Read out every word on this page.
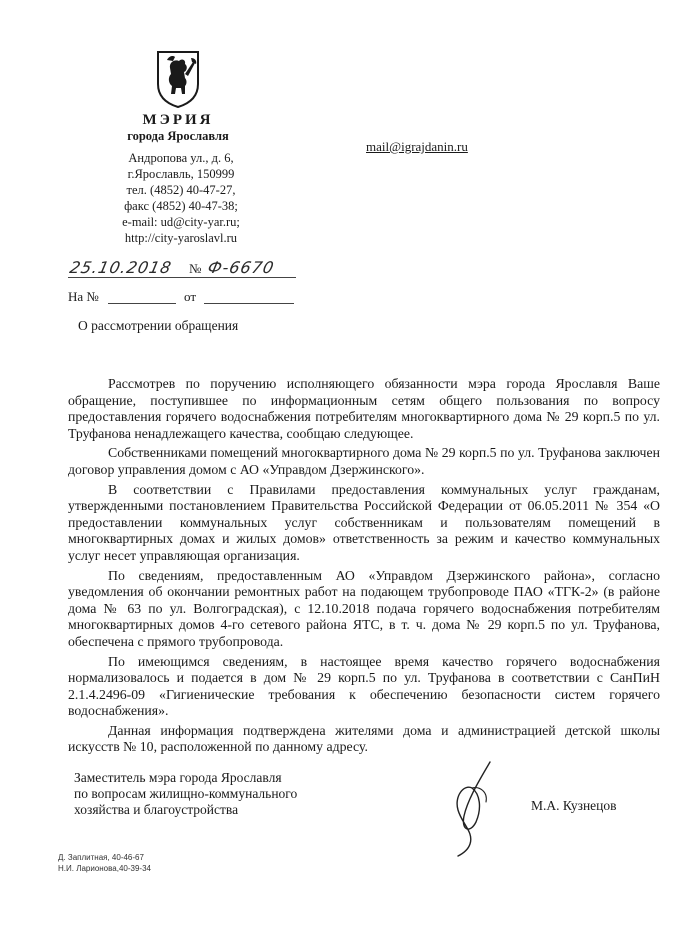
МЭРИЯ
города Ярославля
Андропова ул., д. 6,
г.Ярославль, 150999
тел. (4852) 40-47-27,
факс (4852) 40-47-38;
e-mail: ud@city-yar.ru;
http://city-yaroslavl.ru
mail@igrajdanin.ru
25.10.2018 № Ф-6670
На №	от
О рассмотрении обращения

Рассмотрев по поручению исполняющего обязанности мэра города Ярославля Ваше обращение, поступившее по информационным сетям общего пользования по вопросу предоставления горячего водоснабжения потребителям многоквартирного дома № 29 корп.5 по ул. Труфанова ненадлежащего качества, сообщаю следующее.

Собственниками помещений многоквартирного дома № 29 корп.5 по ул. Труфанова заключен договор управления домом с АО «Управдом Дзержинского».

В соответствии с Правилами предоставления коммунальных услуг гражданам, утвержденными постановлением Правительства Российской Федерации от 06.05.2011 № 354 «О предоставлении коммунальных услуг собственникам и пользователям помещений в многоквартирных домах и жилых домов» ответственность за режим и качество коммунальных услуг несет управляющая организация.

По сведениям, предоставленным АО «Управдом Дзержинского района», согласно уведомления об окончании ремонтных работ на подающем трубопроводе ПАО «ТГК-2» (в районе дома № 63 по ул. Волгоградская), с 12.10.2018 подача горячего водоснабжения потребителям многоквартирных домов 4-го сетевого района ЯТС, в т. ч. дома № 29 корп.5 по ул. Труфанова, обеспечена с прямого трубопровода.

По имеющимся сведениям, в настоящее время качество горячего водоснабжения нормализовалось и подается в дом № 29 корп.5 по ул. Труфанова в соответствии с СанПиН 2.1.4.2496-09 «Гигиенические требования к обеспечению безопасности систем горячего водоснабжения».

Данная информация подтверждена жителями дома и администрацией детской школы искусств № 10, расположенной по данному адресу.

Заместитель мэра города Ярославля
по вопросам жилищно-коммунального
хозяйства и благоустройства	М.А. Кузнецов
Д. Заплитная, 40-46-67
Н.И. Ларионова,40-39-34
